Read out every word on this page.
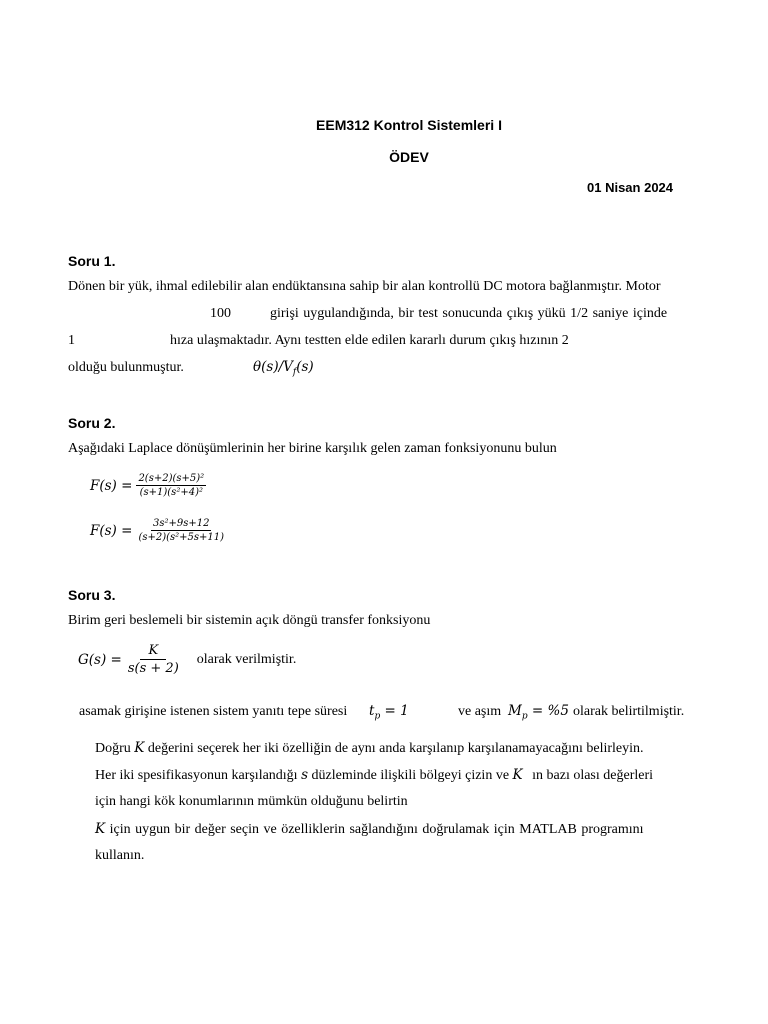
EEM312 Kontrol Sistemleri I
ÖDEV
01 Nisan 2024
Soru 1.
Dönen bir yük, ihmal edilebilir alan endüktansına sahip bir alan kontrollü DC motora bağlanmıştır. Motor
100	girişi uygulandığında, bir test sonucunda çıkış yükü 1/2 saniye içinde
1	hıza ulaşmaktadır. Aynı testten elde edilen kararlı durum çıkış hızının 2
olduğu bulunmuştur.	$\theta(s)/V_f(s)$
Soru 2.
Aşağıdaki Laplace dönüşümlerinin her birine karşılık gelen zaman fonksiyonunu bulun
$F(s) = \frac{\text{2(s+2)(s+5)²}}{\text{(s+1)(s²+4)²}}$
$F(s) = \frac{\text{3s²+9s+12}}{\text{(s+2)(s²+5s+11)}}$
Soru 3.
Birim geri beslemeli bir sistemin açık döngü transfer fonksiyonu
$G(s) = \frac{K}{s(s + 2)}$ olarak verilmiştir.
asamak girişine istenen sistem yanıtı tepe süresi $t_p = 1$	ve aşım $M_p = \%5$ olarak belirtilmiştir.
Doğru K değerini seçerek her iki özelliğin de aynı anda karşılanıp karşılanamayacağını belirleyin.
Her iki spesifikasyonun karşılandığı s düzleminde ilişkili bölgeyi çizin ve K ın bazı olası değerleri
için hangi kök konumlarının mümkün olduğunu belirtin
K için uygun bir değer seçin ve özelliklerin sağlandığını doğrulamak için MATLAB programını
kullanın.
